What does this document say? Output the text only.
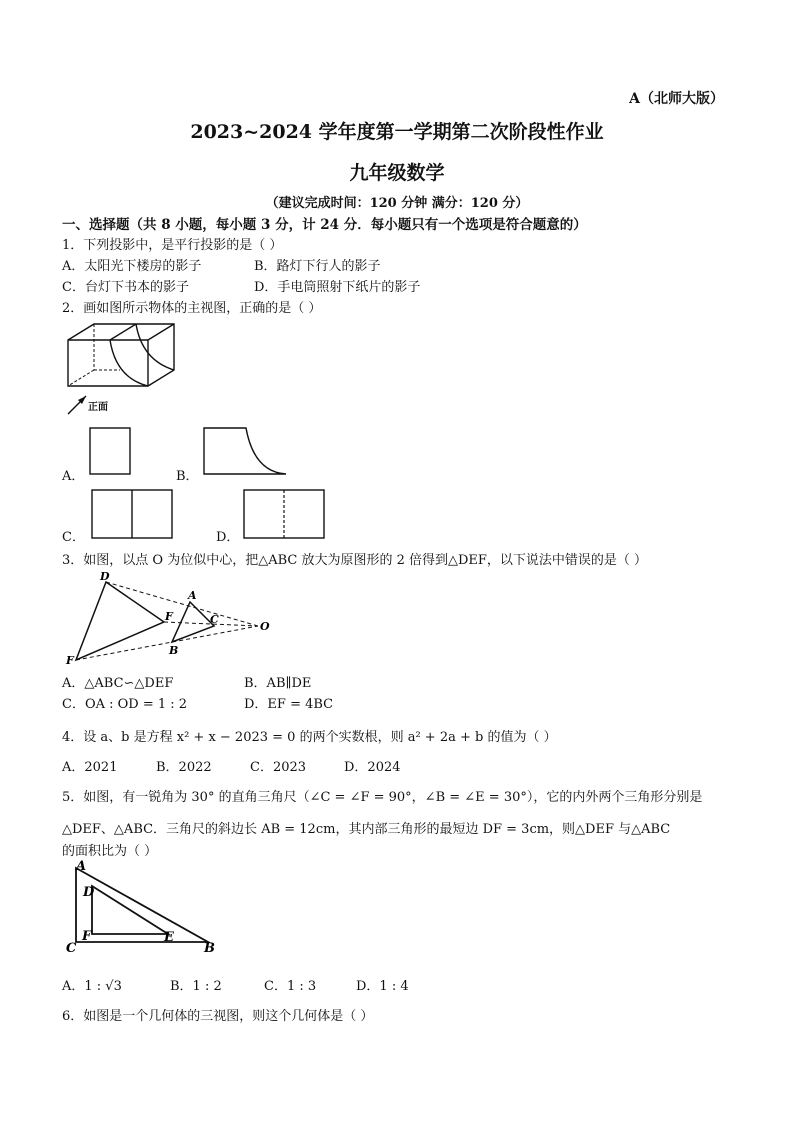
A（北师大版）
2023~2024 学年度第一学期第二次阶段性作业
九年级数学
（建议完成时间：120 分钟 满分：120 分）
一、选择题（共 8 小题，每小题 3 分，计 24 分．每小题只有一个选项是符合题意的）
1．下列投影中，是平行投影的是（ ）
A．太阳光下楼房的影子	B．路灯下行人的影子
C．台灯下书本的影子	D．手电筒照射下纸片的影子
2．画如图所示物体的主视图，正确的是（ ）
正面
A．	B．
C．	D．
3．如图，以点 O 为位似中心，把△ABC 放大为原图形的 2 倍得到△DEF，以下说法中错误的是（ ）
D
A
F	C
O
B
F
A．△ABC∽△DEF	B．AB∥DE
C．OA : OD = 1 : 2	D．EF = 4BC
4．设 a、b 是方程 x² + x − 2023 = 0 的两个实数根，则 a² + 2a + b 的值为（ ）
A．2021	B．2022	C．2023	D．2024
5．如图，有一锐角为 30° 的直角三角尺（∠C = ∠F = 90°，∠B = ∠E = 30°），它的内外两个三角形分别是
△DEF、△ABC．三角尺的斜边长 AB = 12cm，其内部三角形的最短边 DF = 3cm，则△DEF 与△ABC
的面积比为（ ）
A
D
F	E
C	B
A．1 : √3	B．1 : 2	C．1 : 3	D．1 : 4
6．如图是一个几何体的三视图，则这个几何体是（ ）
